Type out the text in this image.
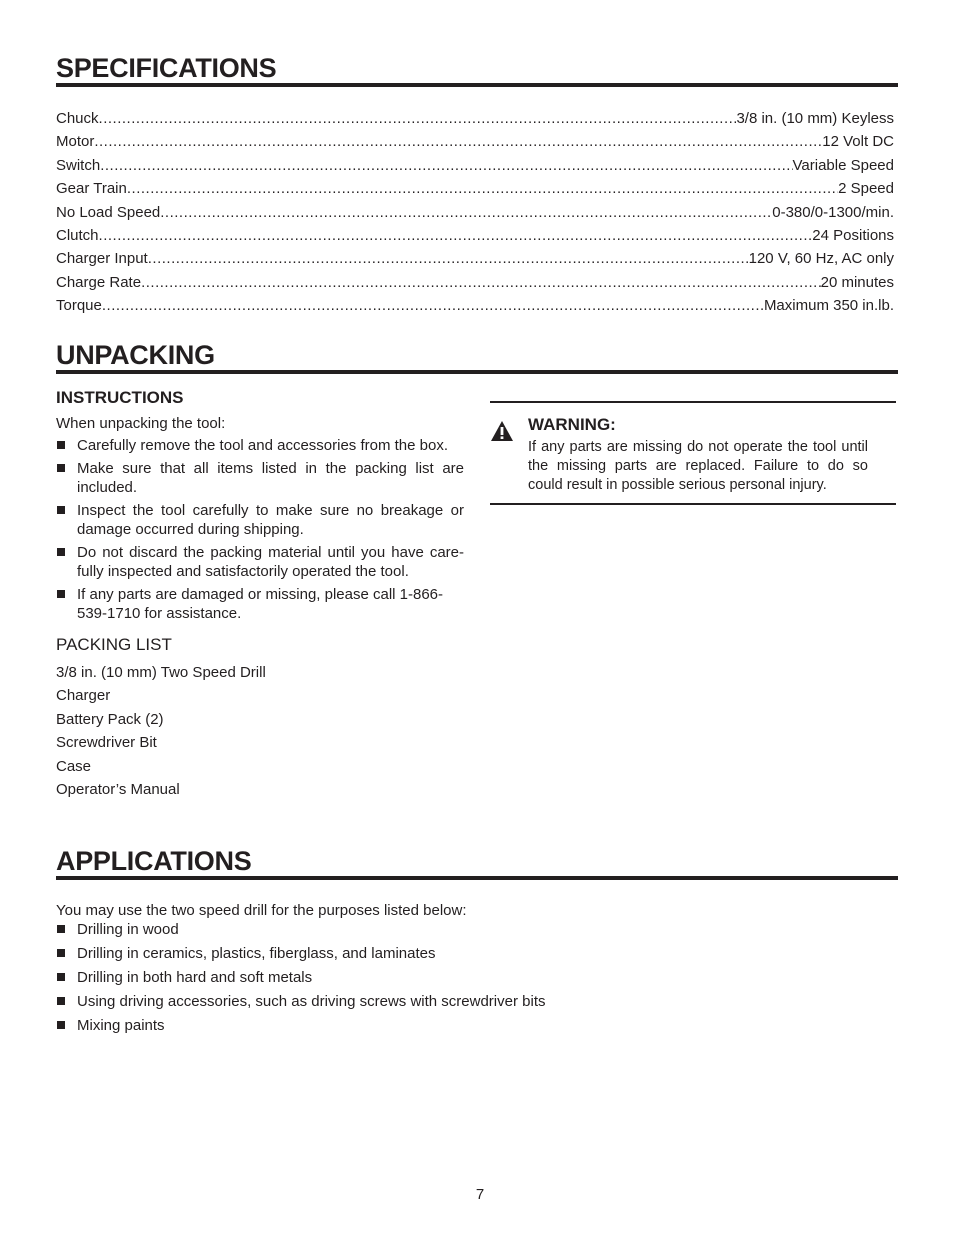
SPECIFICATIONS
Chuck .....	3/8 in. (10 mm) Keyless
Motor .....	12 Volt DC
Switch .....	Variable Speed
Gear Train .....	2 Speed
No Load Speed .....	0-380/0-1300/min.
Clutch .....	24 Positions
Charger Input .....	120 V, 60 Hz, AC only
Charge Rate .....	20 minutes
Torque .....	Maximum 350 in.lb.
UNPACKING
INSTRUCTIONS

When unpacking the tool:

Carefully remove the tool and accessories from the box.
Make sure that all items listed in the packing list are included.
Inspect the tool carefully to make sure no breakage or damage occurred during shipping.
Do not discard the packing material until you have care-fully inspected and satisfactorily operated the tool.
If any parts are damaged or missing, please call 1-866-539-1710 for assistance.
PACKING LIST
3/8 in. (10 mm) Two Speed Drill
Charger
Battery Pack (2)
Screwdriver Bit
Case
Operator’s Manual
WARNING:
If any parts are missing do not operate the tool until the missing parts are replaced. Failure to do so could result in possible serious personal injury.
APPLICATIONS

You may use the two speed drill for the purposes listed below:

Drilling in wood
Drilling in ceramics, plastics, fiberglass, and laminates
Drilling in both hard and soft metals
Using driving accessories, such as driving screws with screwdriver bits
Mixing paints
7
